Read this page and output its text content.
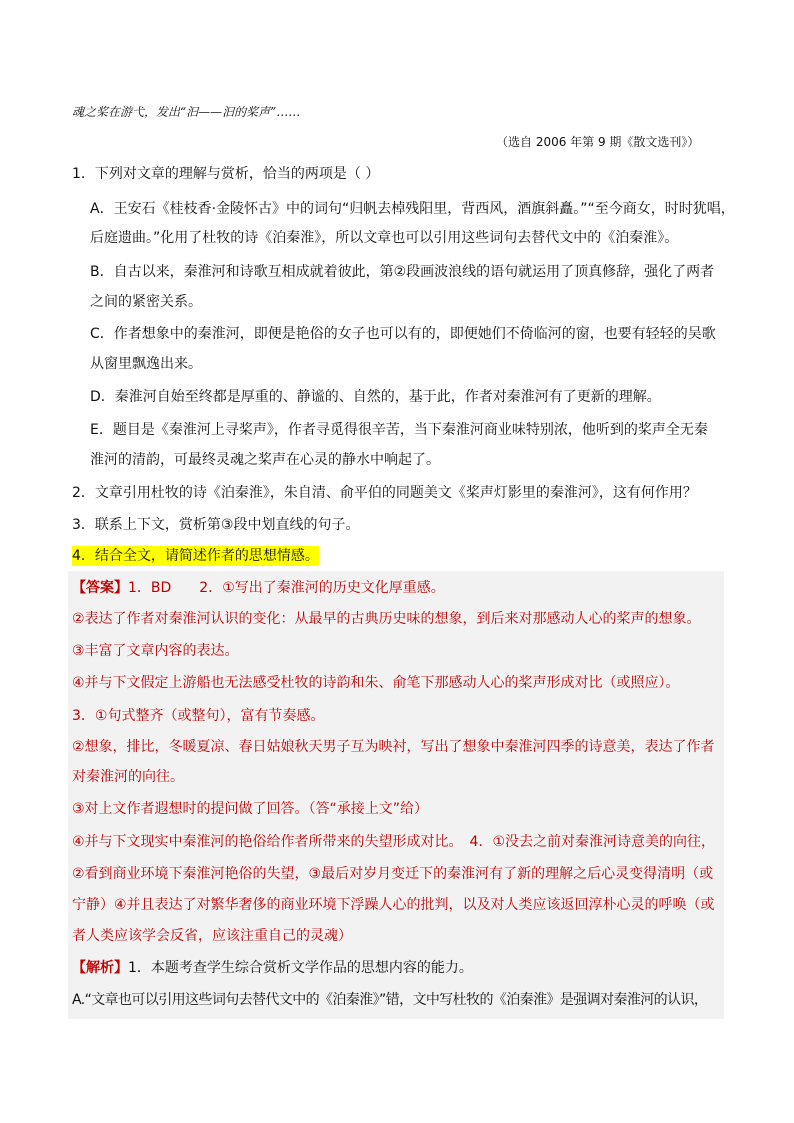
魂之桨在游弋，发出“汩——汩的桨声”……
（选自 2006 年第 9 期《散文选刊》）
1．下列对文章的理解与赏析，恰当的两项是（ ）
A．王安石《桂枝香·金陵怀古》中的词句“归帆去棹残阳里，背西风，酒旗斜矗。”“至今商女，时时犹唱，
后庭遗曲。”化用了杜牧的诗《泊秦淮》，所以文章也可以引用这些词句去替代文中的《泊秦淮》。
B．自古以来，秦淮河和诗歌互相成就着彼此，第②段画波浪线的语句就运用了顶真修辞，强化了两者
之间的紧密关系。
C．作者想象中的秦淮河，即便是艳俗的女子也可以有的，即便她们不倚临河的窗，也要有轻轻的吴歌
从窗里飘逸出来。
D．秦淮河自始至终都是厚重的、静谧的、自然的，基于此，作者对秦淮河有了更新的理解。
E．题目是《秦淮河上寻桨声》，作者寻觅得很辛苦，当下秦淮河商业味特别浓，他听到的桨声全无秦
淮河的清韵，可最终灵魂之桨声在心灵的静水中响起了。
2．文章引用杜牧的诗《泊秦淮》，朱自清、俞平伯的同题美文《桨声灯影里的秦淮河》，这有何作用？
3．联系上下文，赏析第③段中划直线的句子。
4．结合全文，请简述作者的思想情感。
【答案】1．BD　　2．①写出了秦淮河的历史文化厚重感。
②表达了作者对秦淮河认识的变化：从最早的古典历史味的想象，到后来对那感动人心的桨声的想象。
③丰富了文章内容的表达。
④并与下文假定上游船也无法感受杜牧的诗韵和朱、俞笔下那感动人心的桨声形成对比（或照应）。
3．①句式整齐（或整句），富有节奏感。
②想象，排比，冬暖夏凉、春日姑娘秋天男子互为映衬，写出了想象中秦淮河四季的诗意美，表达了作者
对秦淮河的向往。
③对上文作者遐想时的提问做了回答。（答“承接上文”给）
④并与下文现实中秦淮河的艳俗给作者所带来的失望形成对比。　4．①没去之前对秦淮河诗意美的向往，
②看到商业环境下秦淮河艳俗的失望，③最后对岁月变迁下的秦淮河有了新的理解之后心灵变得清明（或
宁静）④并且表达了对繁华奢侈的商业环境下浮躁人心的批判，以及对人类应该返回淳朴心灵的呼唤（或
者人类应该学会反省，应该注重自己的灵魂）
【解析】1．本题考查学生综合赏析文学作品的思想内容的能力。
A.“文章也可以引用这些词句去替代文中的《泊秦淮》”错，文中写杜牧的《泊秦淮》是强调对秦淮河的认识，
